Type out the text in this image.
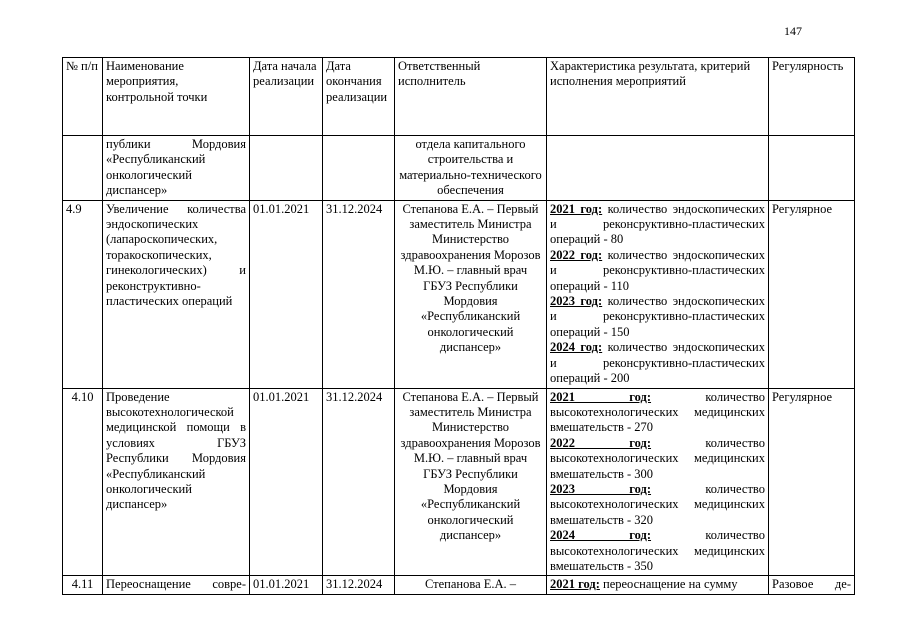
147
№ п/п	Наименование мероприятия, контрольной точки	Дата начала реализации	Дата окончания реализации	Ответственный исполнитель	Характеристика результата, критерий исполнения мероприятий	Регулярность
	публики Мордовия «Республиканский онкологический диспансер»			отдела капитального строительства и материально-технического обеспечения		
4.9	Увеличение количества эндоскопических (лапароскопических, торакоскопических, гинекологических) и реконструктивно-пластических операций	01.01.2021	31.12.2024	Степанова Е.А. – Первый заместитель Министра Министерство здравоохранения Морозов М.Ю. – главный врач ГБУЗ Республики Мордовия «Республиканский онкологический диспансер»	2021 год: количество эндоскопических и реконсруктивно-пластических операций - 80
2022 год: количество эндоскопических и реконсруктивно-пластических операций - 110
2023 год: количество эндоскопических и реконсруктивно-пластических операций - 150
2024 год: количество эндоскопических и реконсруктивно-пластических операций - 200	Регулярное
4.10	Проведение высокотехнологической медицинской помощи в условиях ГБУЗ Республики Мордовия «Республиканский онкологический диспансер»	01.01.2021	31.12.2024	Степанова Е.А. – Первый заместитель Министра Министерство здравоохранения Морозов М.Ю. – главный врач ГБУЗ Республики Мордовия «Республиканский онкологический диспансер»	2021 год: количество высокотехнологических медицинских вмешательств - 270
2022 год: количество высокотехнологических медицинских вмешательств - 300
2023 год: количество высокотехнологических медицинских вмешательств - 320
2024 год: количество высокотехнологических медицинских вмешательств - 350	Регулярное
4.11	Переоснащение совре-	01.01.2021	31.12.2024	Степанова Е.А. –	2021 год: переоснащение на сумму	Разовое де-
